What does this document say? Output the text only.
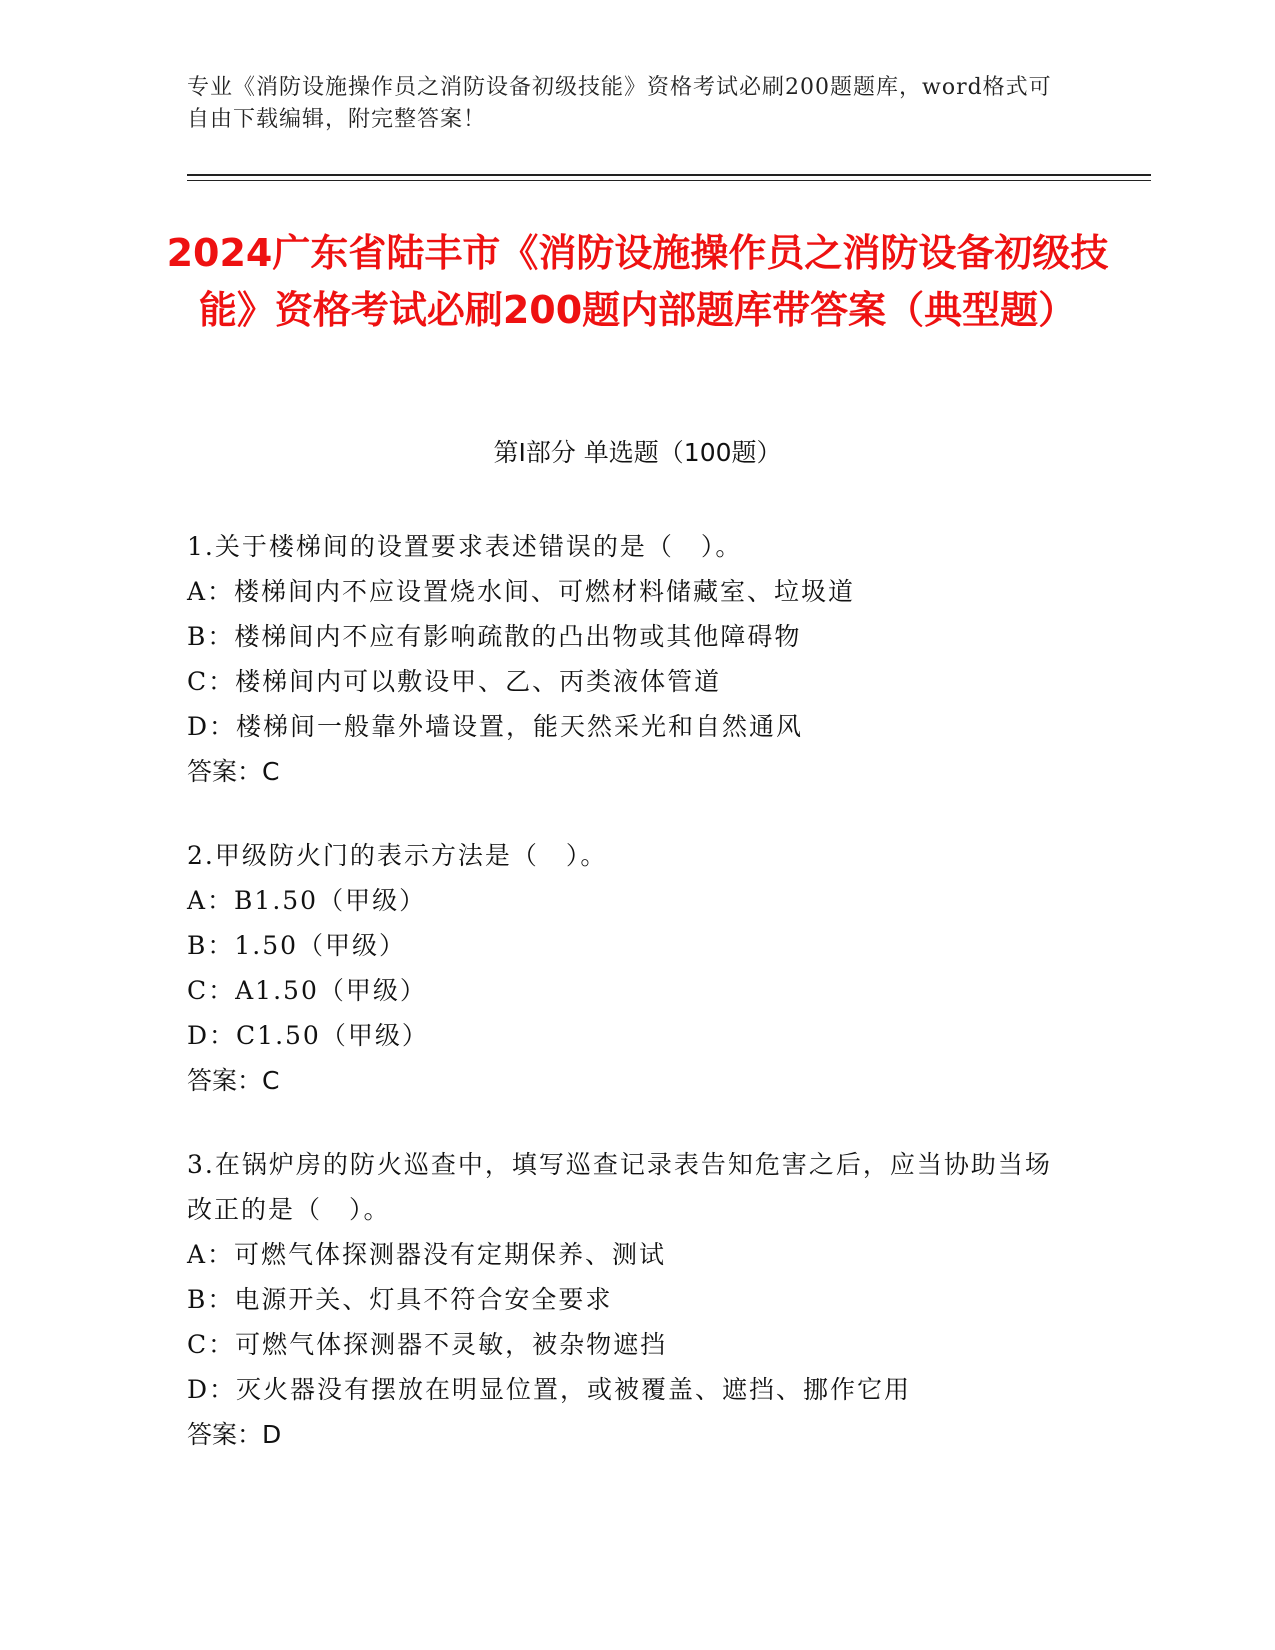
专业《消防设施操作员之消防设备初级技能》资格考试必刷200题题库，word格式可自由下载编辑，附完整答案！
2024广东省陆丰市《消防设施操作员之消防设备初级技能》资格考试必刷200题内部题库带答案（典型题）
第I部分 单选题（100题）
1.关于楼梯间的设置要求表述错误的是（　）。
A：楼梯间内不应设置烧水间、可燃材料储藏室、垃圾道
B：楼梯间内不应有影响疏散的凸出物或其他障碍物
C：楼梯间内可以敷设甲、乙、丙类液体管道
D：楼梯间一般靠外墙设置，能天然采光和自然通风
答案：C
2.甲级防火门的表示方法是（　）。
A：B1.50（甲级）
B：1.50（甲级）
C：A1.50（甲级）
D：C1.50（甲级）
答案：C
3.在锅炉房的防火巡查中，填写巡查记录表告知危害之后，应当协助当场改正的是（　）。
A：可燃气体探测器没有定期保养、测试
B：电源开关、灯具不符合安全要求
C：可燃气体探测器不灵敏，被杂物遮挡
D：灭火器没有摆放在明显位置，或被覆盖、遮挡、挪作它用
答案：D
